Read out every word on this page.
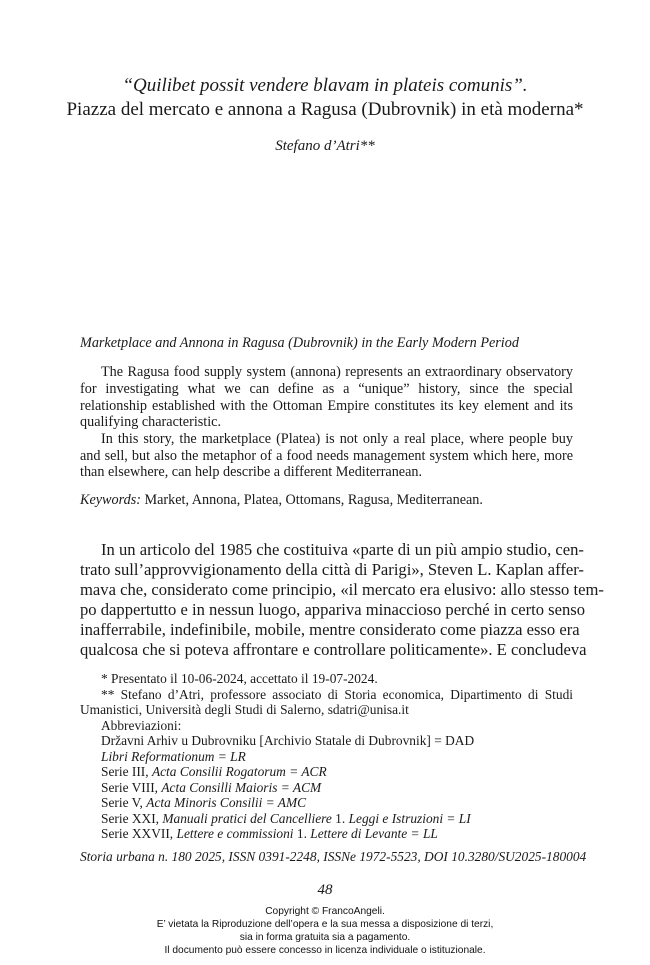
“Quilibet possit vendere blavam in plateis comunis”.
Piazza del mercato e annona a Ragusa (Dubrovnik) in età moderna*
Stefano d’Atri**
Marketplace and Annona in Ragusa (Dubrovnik) in the Early Modern Period
The Ragusa food supply system (annona) represents an extraordinary observatory
for investigating what we can define as a “unique” history, since the special
relationship established with the Ottoman Empire constitutes its key element and its
qualifying characteristic.
In this story, the marketplace (Platea) is not only a real place, where people buy
and sell, but also the metaphor of a food needs management system which here, more
than elsewhere, can help describe a different Mediterranean.
Keywords: Market, Annona, Platea, Ottomans, Ragusa, Mediterranean.
In un articolo del 1985 che costituiva «parte di un più ampio studio, cen-
trato sull’approvvigionamento della città di Parigi», Steven L. Kaplan affer-
mava che, considerato come principio, «il mercato era elusivo: allo stesso tem-
po dappertutto e in nessun luogo, appariva minaccioso perché in certo senso
inafferrabile, indefinibile, mobile, mentre considerato come piazza esso era
qualcosa che si poteva affrontare e controllare politicamente». E concludeva
* Presentato il 10-06-2024, accettato il 19-07-2024.
** Stefano d’Atri, professore associato di Storia economica, Dipartimento di Studi
Umanistici, Università degli Studi di Salerno, sdatri@unisa.it
Abbreviazioni:
Državni Arhiv u Dubrovniku [Archivio Statale di Dubrovnik] = DAD
Libri Reformationum = LR
Serie III, Acta Consilii Rogatorum = ACR
Serie VIII, Acta Consilli Maioris = ACM
Serie V, Acta Minoris Consilii = AMC
Serie XXI, Manuali pratici del Cancelliere 1. Leggi e Istruzioni = LI
Serie XXVII, Lettere e commissioni 1. Lettere di Levante = LL
Storia urbana n. 180 2025, ISSN 0391-2248, ISSNe 1972-5523, DOI 10.3280/SU2025-180004
48
Copyright © FrancoAngeli.
E’ vietata la Riproduzione dell’opera e la sua messa a disposizione di terzi,
sia in forma gratuita sia a pagamento.
Il documento può essere concesso in licenza individuale o istituzionale.
